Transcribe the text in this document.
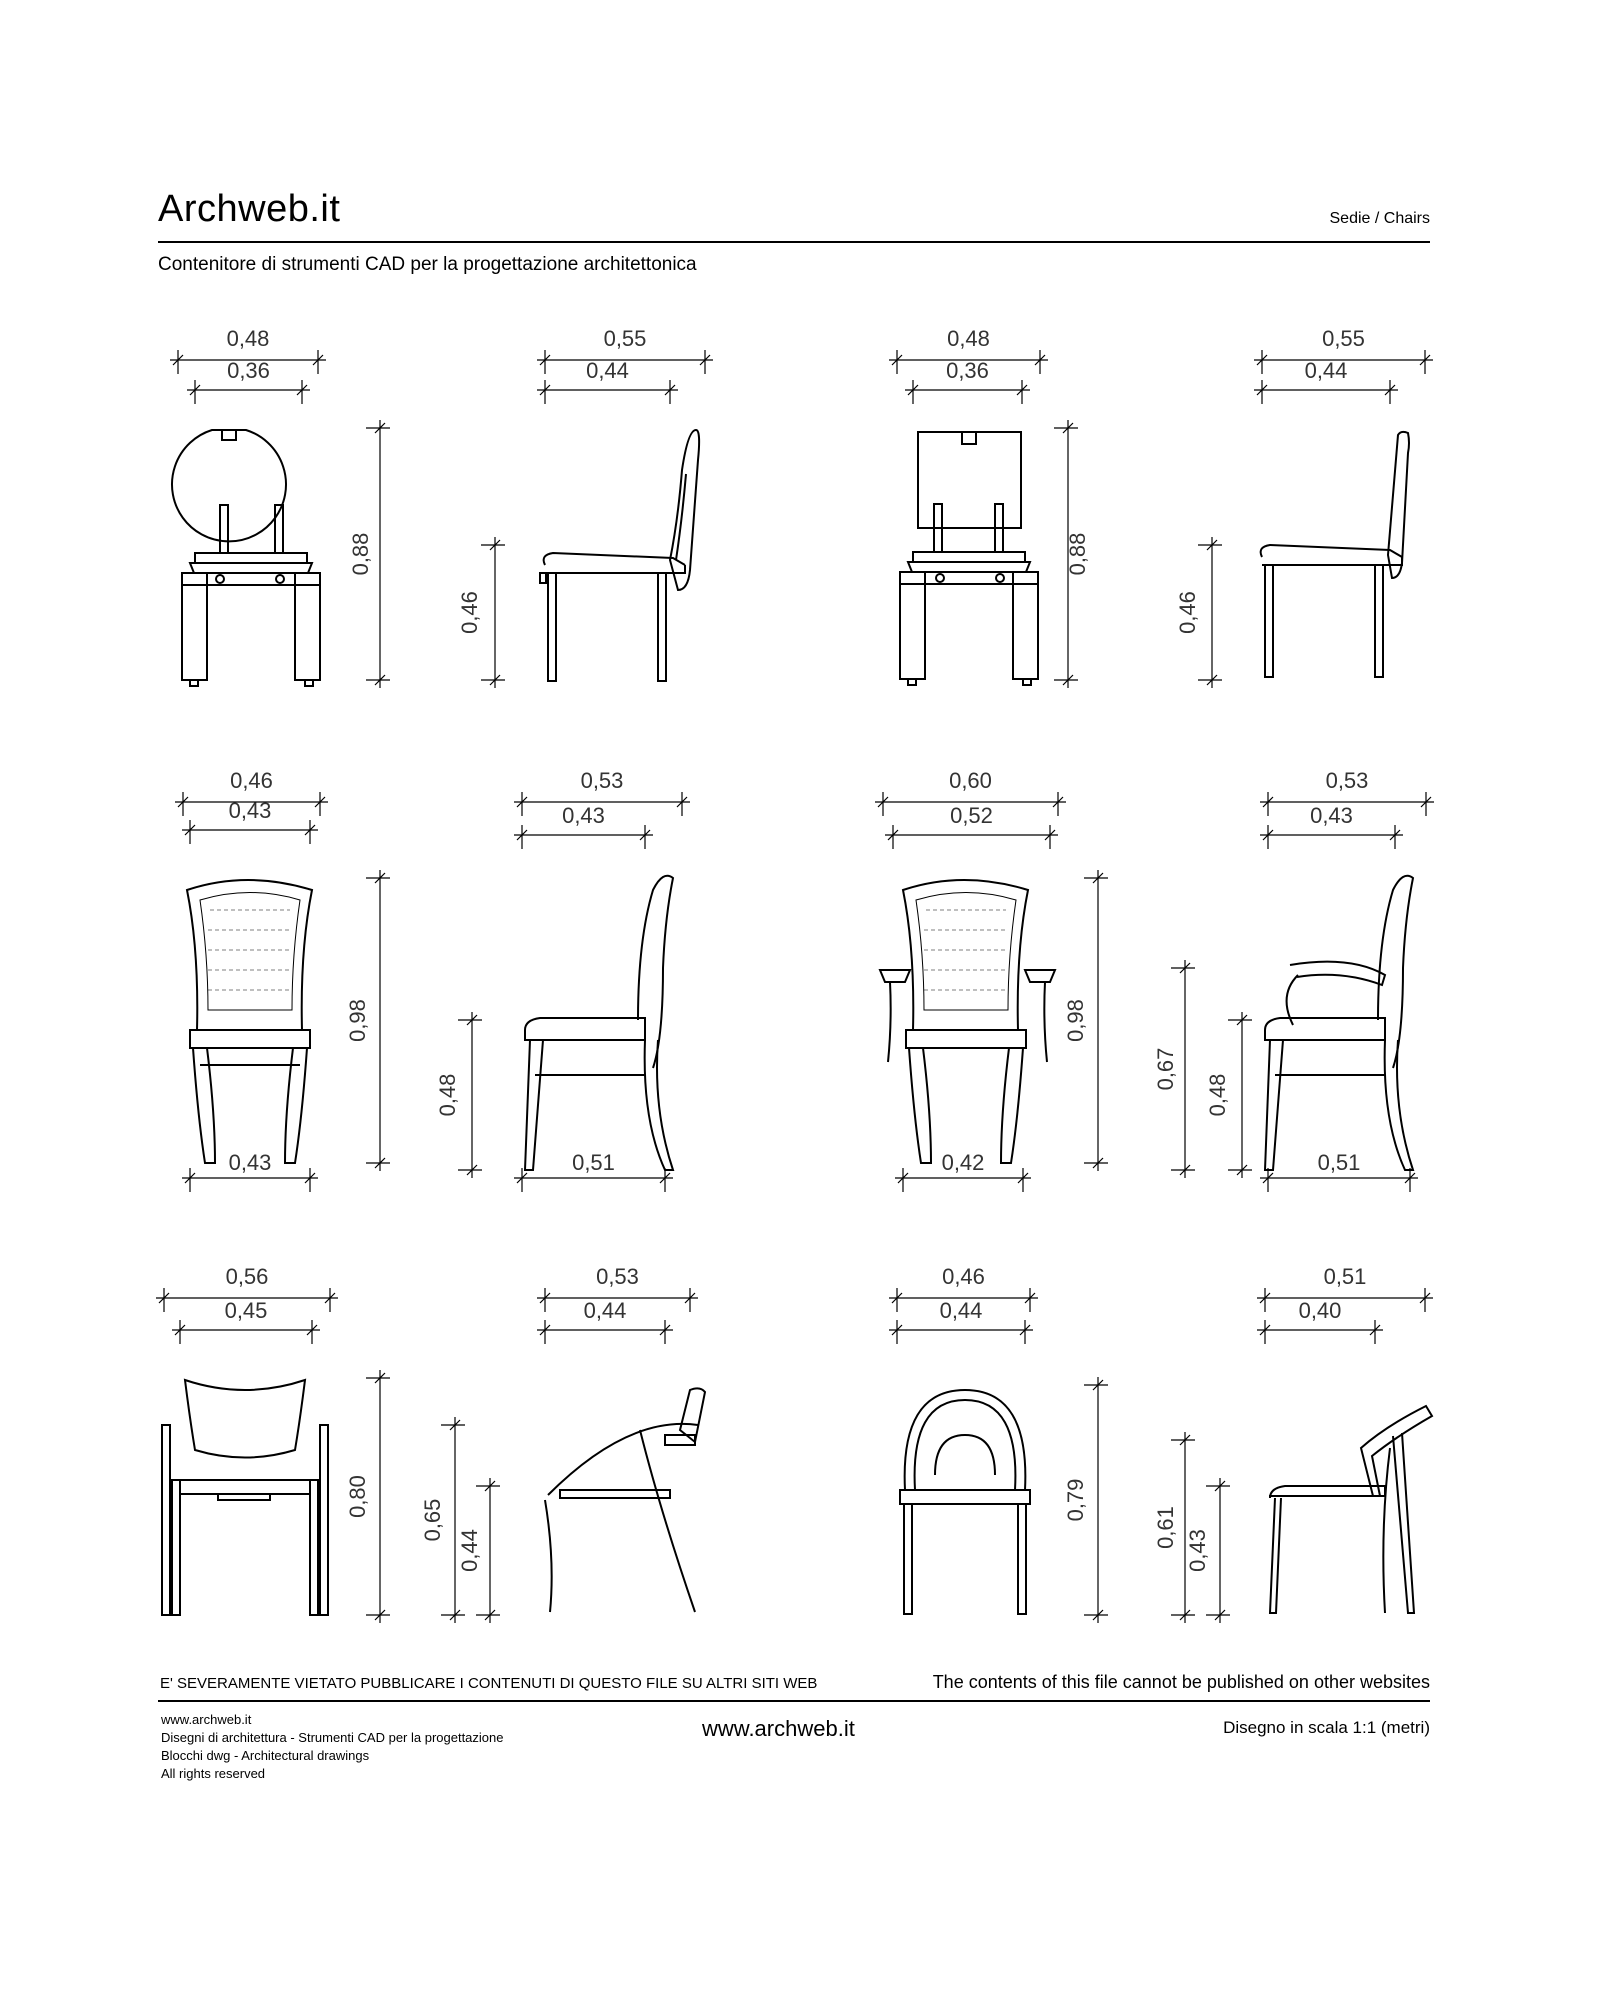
Archweb.it	Sedie / Chairs
Contenitore di strumenti CAD per la progettazione architettonica
0,48
0,36
0,88
0,55
0,44
0,46
0,48
0,36
0,88
0,55
0,44
0,46
0,46
0,43
0,98
0,43
0,53
0,43
0,48
0,51
0,60
0,52
0,98
0,42
0,53
0,43
0,67
0,48
0,51
0,56
0,45
0,80
0,53
0,44
0,65
0,44
0,46
0,44
0,79
0,51
0,40
0,61
0,43
E' SEVERAMENTE VIETATO PUBBLICARE I CONTENUTI DI QUESTO FILE SU ALTRI SITI WEB	The contents of this file cannot be published on other websites
www.archweb.it
Disegni di architettura - Strumenti CAD per la progettazione
Blocchi dwg - Architectural drawings
All rights reserved
www.archweb.it	Disegno in scala 1:1 (metri)
